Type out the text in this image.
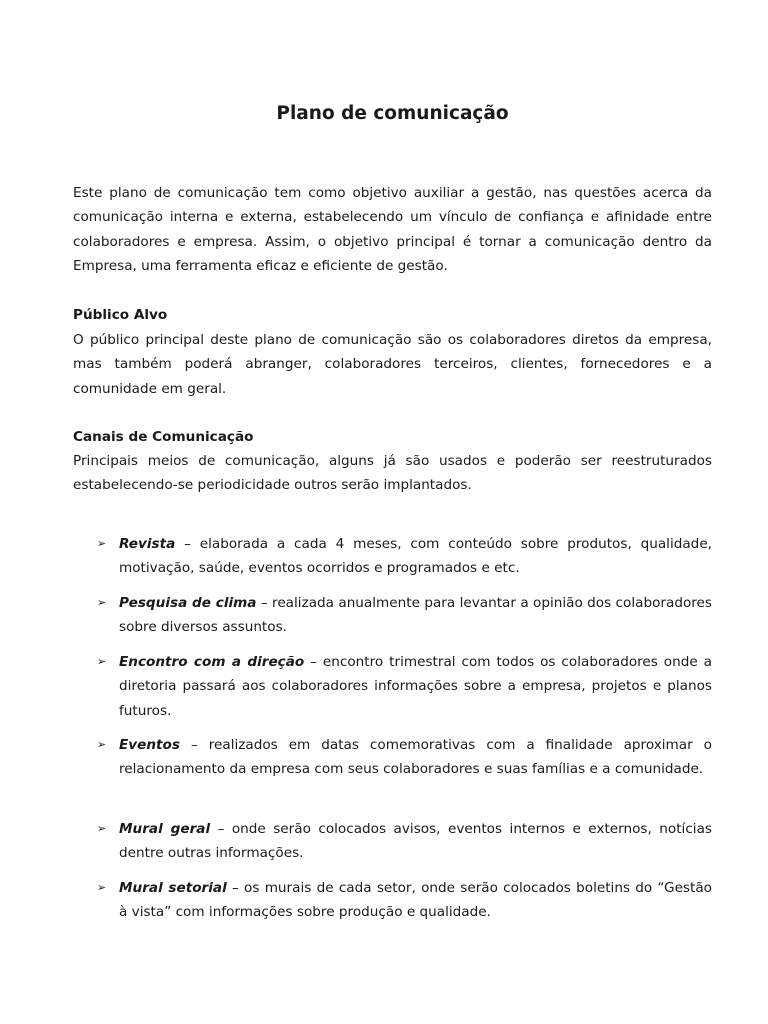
Plano de comunicação

Este plano de comunicação tem como objetivo auxiliar a gestão, nas questões acerca da comunicação interna e externa, estabelecendo um vínculo de confiança e afinidade entre colaboradores e empresa. Assim, o objetivo principal é tornar a comunicação dentro da Empresa, uma ferramenta eficaz e eficiente de gestão.

Público Alvo

O público principal deste plano de comunicação são os colaboradores diretos da empresa, mas também poderá abranger, colaboradores terceiros, clientes, fornecedores e a comunidade em geral.

Canais de Comunicação

Principais meios de comunicação, alguns já são usados e poderão ser reestruturados estabelecendo-se periodicidade outros serão implantados.

➢ Revista – elaborada a cada 4 meses, com conteúdo sobre produtos, qualidade, motivação, saúde, eventos ocorridos e programados e etc.

➢ Pesquisa de clima – realizada anualmente para levantar a opinião dos colaboradores sobre diversos assuntos.

➢ Encontro com a direção – encontro trimestral com todos os colaboradores onde a diretoria passará aos colaboradores informações sobre a empresa, projetos e planos futuros.

➢ Eventos – realizados em datas comemorativas com a finalidade aproximar o relacionamento da empresa com seus colaboradores e suas famílias e a comunidade.

➢ Mural geral – onde serão colocados avisos, eventos internos e externos, notícias dentre outras informações.

➢ Mural setorial – os murais de cada setor, onde serão colocados boletins do “Gestão à vista” com informações sobre produção e qualidade.
